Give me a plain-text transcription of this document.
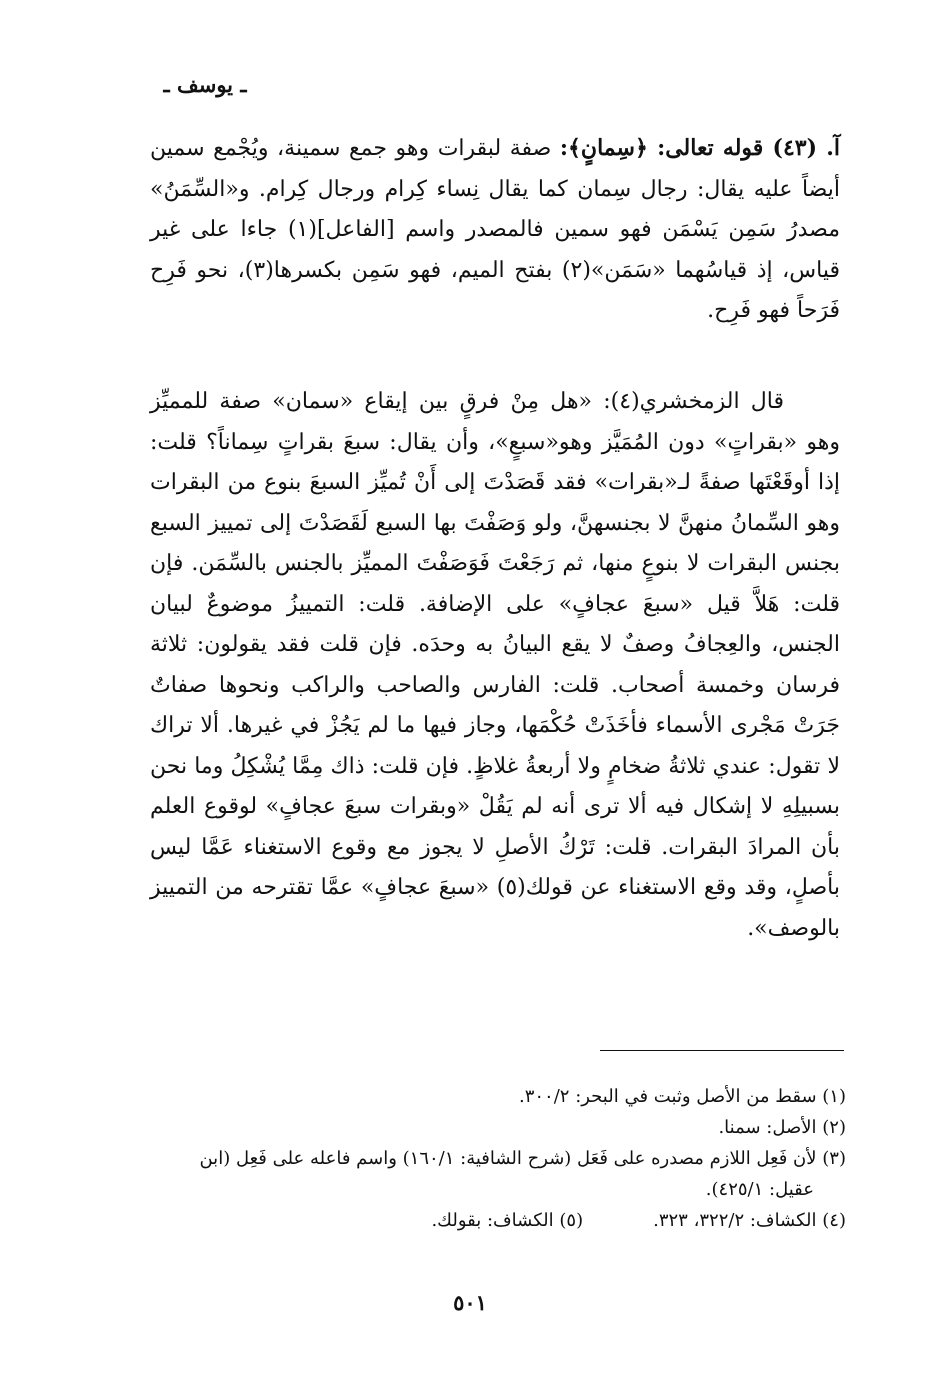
ـ يوسف ـ
آ. (٤٣) قوله تعالى: ﴿سِمانٍ﴾: صفة لبقرات وهو جمع سمينة، ويُجْمع سمين أيضاً عليه يقال: رجال سِمان كما يقال نِساء كِرام ورجال كِرام. و«السِّمَنُ» مصدرُ سَمِن يَسْمَن فهو سمين فالمصدر واسم [الفاعل](١) جاءا على غير قياس، إذ قياسُهما «سَمَن»(٢) بفتح الميم، فهو سَمِن بكسرها(٣)، نحو فَرِح فَرَحاً فهو فَرِح.
قال الزمخشري(٤): «هل مِنْ فرقٍ بين إيقاع «سمان» صفة للمميِّز وهو «بقراتٍ» دون المُمَيَّز وهو«سبعٍ»، وأن يقال: سبعَ بقراتٍ سِماناً؟ قلت: إذا أوقَعْتَها صفةً لـ«بقرات» فقد قَصَدْتَ إلى أَنْ تُميِّز السبعَ بنوع من البقرات وهو السِّمانُ منهنَّ لا بجنسهنَّ، ولو وَصَفْتَ بها السبع لَقَصَدْتَ إلى تمييز السبع بجنس البقرات لا بنوعٍ منها، ثم رَجَعْتَ فَوَصَفْتَ المميِّز بالجنس بالسِّمَن. فإن قلت: هَلاَّ قيل «سبعَ عجافٍ» على الإضافة. قلت: التمييزُ موضوعٌ لبيان الجنس، والعِجافُ وصفٌ لا يقع البيانُ به وحدَه. فإن قلت فقد يقولون: ثلاثة فرسان وخمسة أصحاب. قلت: الفارس والصاحب والراكب ونحوها صفاتٌ جَرَتْ مَجْرى الأسماء فأخَذَتْ حُكْمَها، وجاز فيها ما لم يَجُزْ في غيرها. ألا تراك لا تقول: عندي ثلاثةُ ضخامٍ ولا أربعةُ غلاظٍ. فإن قلت: ذاك مِمَّا يُشْكِلُ وما نحن بسبيلِهِ لا إشكال فيه ألا ترى أنه لم يَقُلْ «وبقرات سبعَ عجافٍ» لوقوع العلم بأن المرادَ البقرات. قلت: تَرْكُ الأصلِ لا يجوز مع وقوع الاستغناء عَمَّا ليس بأصلٍ، وقد وقع الاستغناء عن قولك(٥) «سبعَ عجافٍ» عمَّا تقترحه من التمييز بالوصف».
(١) سقط من الأصل وثبت في البحر: ٣٠٠/٢.
(٢) الأصل: سمنا.
(٣) لأن فَعِل اللازم مصدره على فَعَل (شرح الشافية: ١٦٠/١) واسم فاعله على فَعِل (ابن
عقيل: ٤٢٥/١).
(٤) الكشاف: ٣٢٢/٢، ٣٢٣.
(٥) الكشاف: بقولك.
٥٠١
